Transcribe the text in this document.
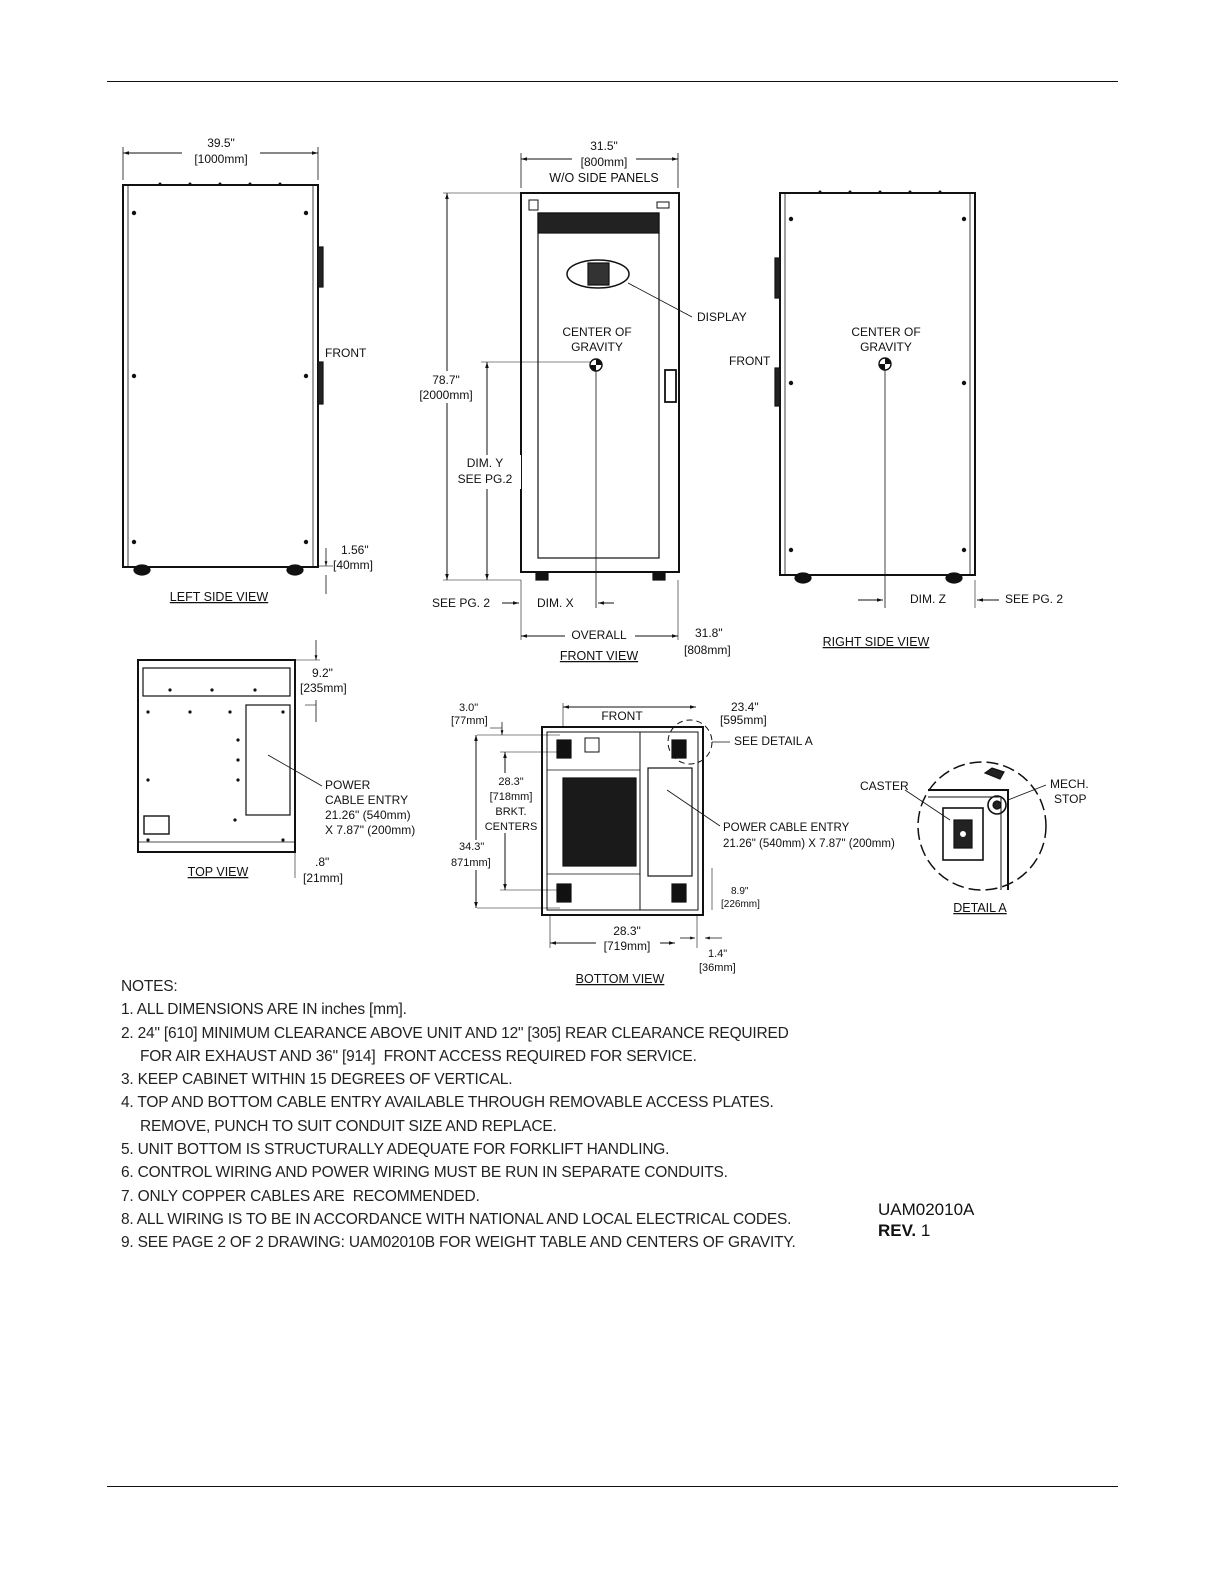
39.5"
[1000mm]
FRONT
1.56"
[40mm]
LEFT SIDE VIEW
31.5"
[800mm]
W/O SIDE PANELS
DISPLAY
CENTER OF
GRAVITY
78.7"
[2000mm]
DIM. Y
SEE PG.2
SEE PG. 2	DIM. X
OVERALL	31.8"
[808mm]
FRONT VIEW
FRONT
CENTER OF
GRAVITY
DIM. Z	SEE PG. 2
RIGHT SIDE VIEW
9.2"
[235mm]
POWER
CABLE ENTRY
21.26" (540mm)
X 7.87" (200mm)
.8"
[21mm]
TOP VIEW
FRONT
3.0"
[77mm]
23.4"
[595mm]
SEE DETAIL A
28.3"
[718mm]
BRKT.
CENTERS
34.3"
871mm]
POWER CABLE ENTRY
21.26" (540mm) X 7.87" (200mm)
8.9"
[226mm]
28.3"
[719mm]
1.4"
[36mm]
CASTER	MECH.
STOP
DETAIL A
BOTTOM VIEW
NOTES:
1. ALL DIMENSIONS ARE IN inches [mm].
2. 24" [610] MINIMUM CLEARANCE ABOVE UNIT AND 12" [305] REAR CLEARANCE REQUIRED
FOR AIR EXHAUST AND 36" [914]  FRONT ACCESS REQUIRED FOR SERVICE.
3. KEEP CABINET WITHIN 15 DEGREES OF VERTICAL.
4. TOP AND BOTTOM CABLE ENTRY AVAILABLE THROUGH REMOVABLE ACCESS PLATES.
REMOVE, PUNCH TO SUIT CONDUIT SIZE AND REPLACE.
5. UNIT BOTTOM IS STRUCTURALLY ADEQUATE FOR FORKLIFT HANDLING.
6. CONTROL WIRING AND POWER WIRING MUST BE RUN IN SEPARATE CONDUITS.
7. ONLY COPPER CABLES ARE  RECOMMENDED.
8. ALL WIRING IS TO BE IN ACCORDANCE WITH NATIONAL AND LOCAL ELECTRICAL CODES.
9. SEE PAGE 2 OF 2 DRAWING: UAM02010B FOR WEIGHT TABLE AND CENTERS OF GRAVITY.
UAM02010A
REV. 1
